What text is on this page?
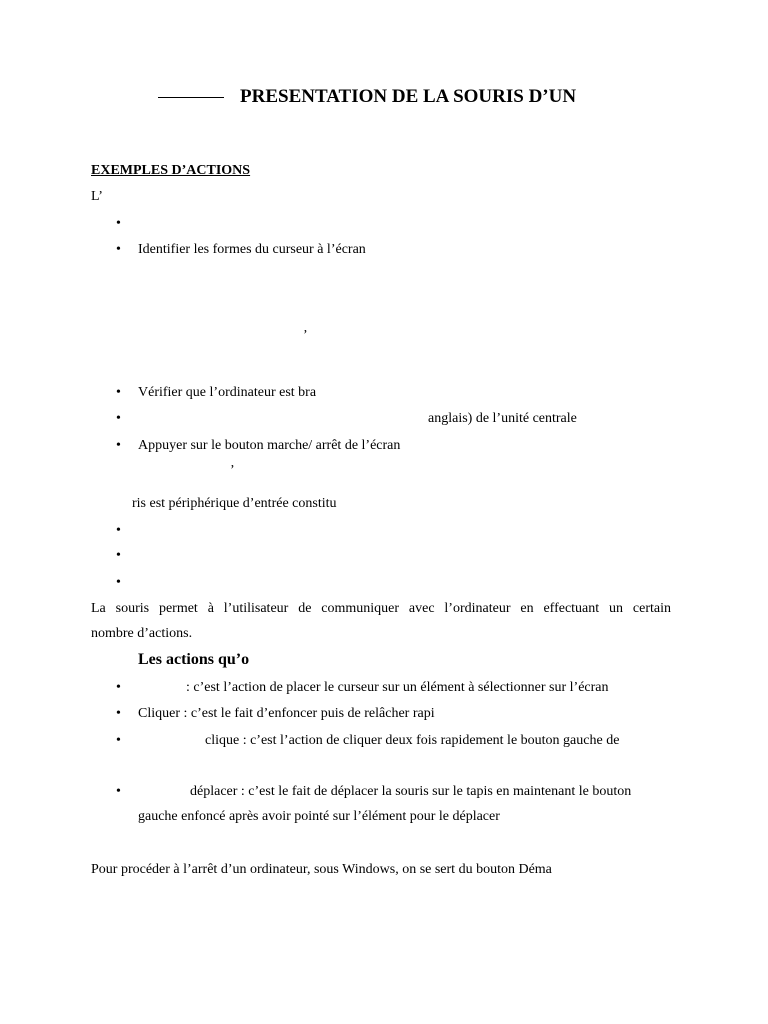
PRESENTATION DE LA SOURIS D’UN
EXEMPLES D’ACTIONS
L’
•
• Identifier les formes du curseur à l’écran
’
• Vérifier que l’ordinateur est bra
•	anglais) de l’unité centrale
• Appuyer sur le bouton marche/ arrêt de l’écran
’
ris est périphérique d’entrée constitu
•
•
•
La souris permet à l’utilisateur de communiquer avec l’ordinateur en effectuant un certain
nombre d’actions.
Les actions qu’o
•	: c’est l’action de placer le curseur sur un élément à sélectionner sur l’écran
• Cliquer : c’est le fait d’enfoncer puis de relâcher rapi
•	clique : c’est l’action de cliquer deux fois rapidement le bouton gauche de
•	déplacer : c’est le fait de déplacer la souris sur le tapis en maintenant le bouton
gauche enfoncé après avoir pointé sur l’élément pour le déplacer
Pour procéder à l’arrêt d’un ordinateur, sous Windows, on se sert du bouton Déma
